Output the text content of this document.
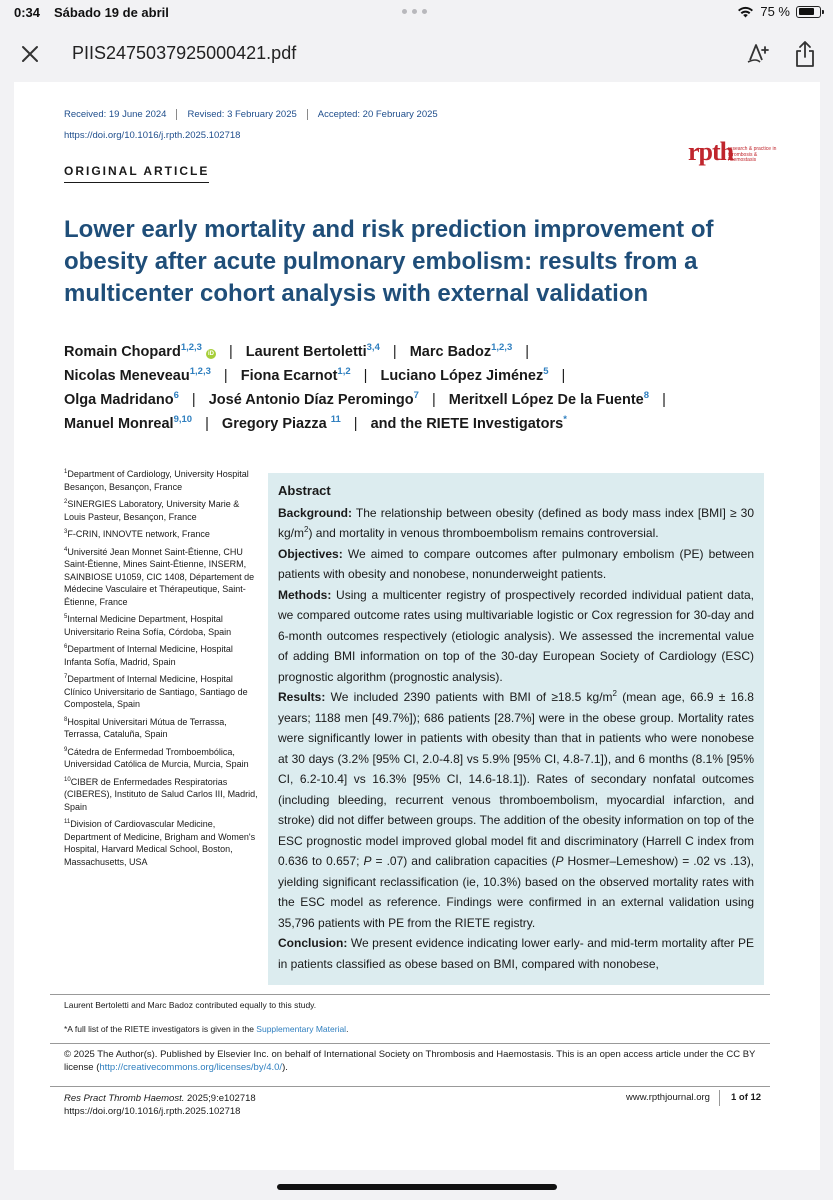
0:34 Sábado 19 de abril	75 %
PIIS2475037925000421.pdf
Received: 19 June 2024	Revised: 3 February 2025	Accepted: 20 February 2025
https://doi.org/10.1016/j.rpth.2025.102718
rpth
research & practice in thrombosis & haemostasis
ORIGINAL ARTICLE
Lower early mortality and risk prediction improvement of obesity after acute pulmonary embolism: results from a multicenter cohort analysis with external validation
Romain Chopard$^{1,2,3}$iD | Laurent Bertoletti$^{3,4}$ | Marc Badoz$^{1,2,3}$ |
Nicolas Meneveau$^{1,2,3}$ | Fiona Ecarnot$^{1,2}$ | Luciano López Jiménez$^5$ |
Olga Madridano$^6$ | José Antonio Díaz Peromingo$^7$ | Meritxell López De la Fuente$^8$ |
Manuel Monreal$^{9,10}$ | Gregory Piazza $^{11}$ | and the RIETE Investigators*

$^1$Department of Cardiology, University Hospital Besançon, Besançon, France

$^2$SINERGIES Laboratory, University Marie & Louis Pasteur, Besançon, France

$^3$F-CRIN, INNOVTE network, France

$^4$Université Jean Monnet Saint-Étienne, CHU Saint-Étienne, Mines Saint-Étienne, INSERM, SAINBIOSE U1059, CIC 1408, Département de Médecine Vasculaire et Thérapeutique, Saint-Étienne, France

$^5$Internal Medicine Department, Hospital Universitario Reina Sofía, Córdoba, Spain

$^6$Department of Internal Medicine, Hospital Infanta Sofía, Madrid, Spain

$^7$Department of Internal Medicine, Hospital Clínico Universitario de Santiago, Santiago de Compostela, Spain

$^8$Hospital Universitari Mútua de Terrassa, Terrassa, Cataluña, Spain

$^9$Cátedra de Enfermedad Tromboembólica, Universidad Católica de Murcia, Murcia, Spain

$^{10}$CIBER de Enfermedades Respiratorias (CIBERES), Instituto de Salud Carlos III, Madrid, Spain

$^{11}$Division of Cardiovascular Medicine, Department of Medicine, Brigham and Women's Hospital, Harvard Medical School, Boston, Massachusetts, USA

Abstract

Background: The relationship between obesity (defined as body mass index [BMI] ≥ 30 $kg/m^2$) and mortality in venous thromboembolism remains controversial.

Objectives: We aimed to compare outcomes after pulmonary embolism (PE) between patients with obesity and nonobese, nonunderweight patients.

Methods: Using a multicenter registry of prospectively recorded individual patient data, we compared outcome rates using multivariable logistic or Cox regression for 30-day and 6-month outcomes respectively (etiologic analysis). We assessed the incremental value of adding BMI information on top of the 30-day European Society of Cardiology (ESC) prognostic algorithm (prognostic analysis).

Results: We included 2390 patients with BMI of ≥18.5 $kg/m^2$ (mean age, 66.9 ± 16.8 years; 1188 men [49.7%]); 686 patients [28.7%] were in the obese group. Mortality rates were significantly lower in patients with obesity than that in patients who were nonobese at 30 days (3.2% [95% CI, 2.0-4.8] vs 5.9% [95% CI, 4.8-7.1]), and 6 months (8.1% [95% CI, 6.2-10.4] vs 16.3% [95% CI, 14.6-18.1]). Rates of secondary nonfatal outcomes (including bleeding, recurrent venous thromboembolism, myocardial infarction, and stroke) did not differ between groups. The addition of the obesity information on top of the ESC prognostic model improved global model fit and discriminatory (Harrell C index from 0.636 to 0.657; P = .07) and calibration capacities (P Hosmer–Lemeshow) = .02 vs .13), yielding significant reclassification (ie, 10.3%) based on the observed mortality rates with the ESC model as reference. Findings were confirmed in an external validation using 35,796 patients with PE from the RIETE registry.

Conclusion: We present evidence indicating lower early- and mid-term mortality after PE in patients classified as obese based on BMI, compared with nonobese,

Laurent Bertoletti and Marc Badoz contributed equally to this study.
*A full list of the RIETE investigators is given in the Supplementary Material.
© 2025 The Author(s). Published by Elsevier Inc. on behalf of International Society on Thrombosis and Haemostasis. This is an open access article under the CC BY license (http://creativecommons.org/licenses/by/4.0/).
Res Pract Thromb Haemost. 2025;9:e102718
https://doi.org/10.1016/j.rpth.2025.102718
www.rpthjournal.org	1 of 12
